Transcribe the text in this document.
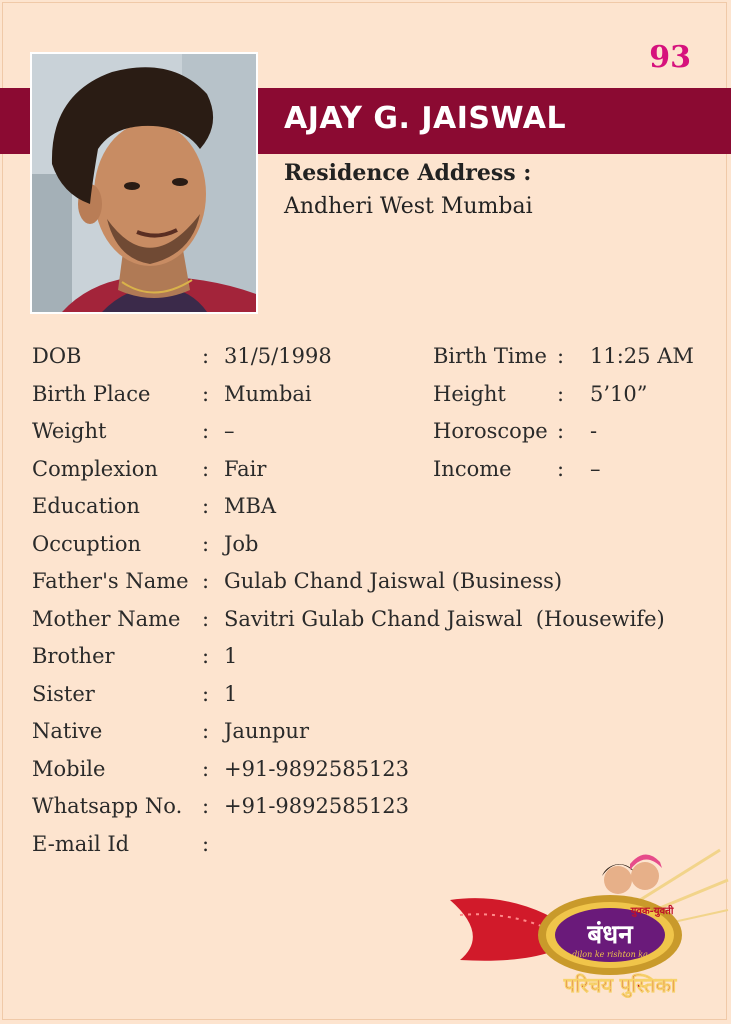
93
AJAY G. JAISWAL
Residence Address :
Andheri West Mumbai
DOB	: 31/5/1998	Birth Time : 11:25 AM
Birth Place : Mumbai	Height : 5’10”
Weight	: –	Horoscope : -
Complexion : Fair	Income : –
Education	: MBA
Occuption	: Job
Father's Name : Gulab Chand Jaiswal (Business)
Mother Name : Savitri Gulab Chand Jaiswal  (Housewife)
Brother	: 1
Sister	: 1
Native	: Jaunpur
Mobile	: +91-9892585123
Whatsapp No. : +91-9892585123
E-mail Id	:
बंधन
dilon ke rishton ka
युवक-युवती
परिचय पुस्तिका
